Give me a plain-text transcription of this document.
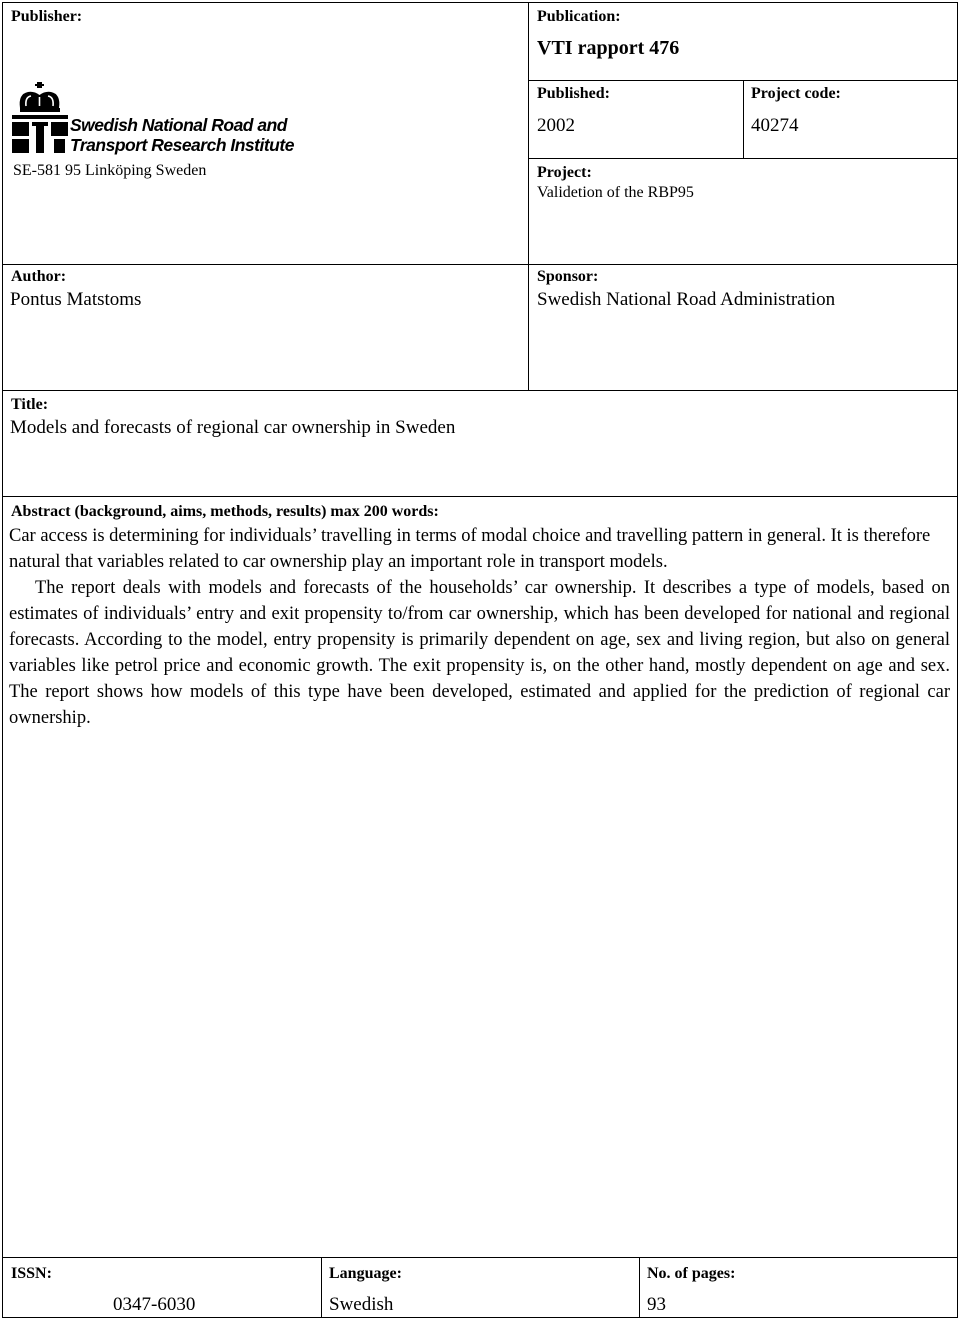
Publisher:
Swedish National Road and
Transport Research Institute
SE-581 95 Linköping Sweden
Publication:
VTI rapport 476
Published:
2002
Project code:
40274
Project:
Validetion of the RBP95
Author:
Pontus Matstoms
Sponsor:
Swedish National Road Administration
Title:
Models and forecasts of regional car ownership in Sweden
Abstract (background, aims, methods, results) max 200 words:

Car access is determining for individuals’ travelling in terms of modal choice and travelling pattern in general. It is therefore natural that variables related to car ownership play an important role in transport models.

The report deals with models and forecasts of the households’ car ownership. It describes a type of models, based on estimates of individuals’ entry and exit propensity to/from car ownership, which has been developed for national and regional forecasts. According to the model, entry propensity is primarily dependent on age, sex and living region, but also on general variables like petrol price and economic growth. The exit propensity is, on the other hand, mostly dependent on age and sex. The report shows how models of this type have been developed, estimated and applied for the prediction of regional car ownership.

ISSN:
0347-6030
Language:
Swedish
No. of pages:
93
